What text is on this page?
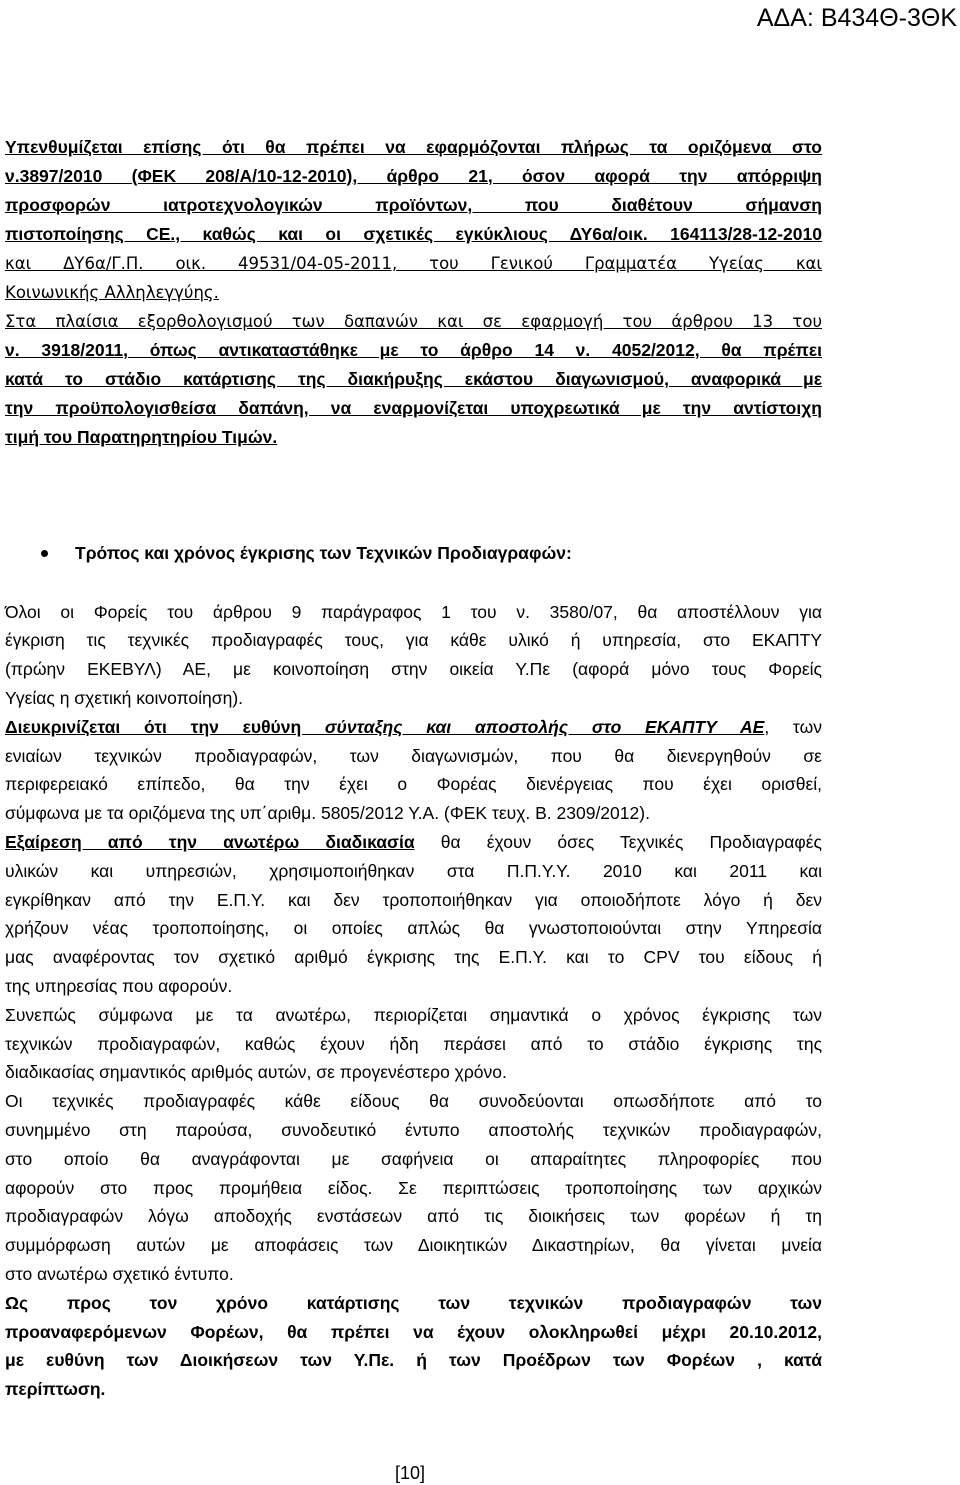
ΑΔΑ: Β434Θ-3ΘΚ
Υπενθυμίζεται επίσης ότι θα πρέπει να εφαρμόζονται πλήρως τα οριζόμενα στο
ν.3897/2010 (ΦΕΚ 208/Α/10-12-2010), άρθρο 21, όσον αφορά την απόρριψη
προσφορών ιατροτεχνολογικών προϊόντων, που διαθέτουν σήμανση
πιστοποίησης CE., καθώς και οι σχετικές εγκύκλιους ΔΥ6α/οικ. 164113/28-12-2010
και ΔΥ6α/Γ.Π. οικ. 49531/04-05-2011, του Γενικού Γραμματέα Υγείας και
Κοινωνικής Αλληλεγγύης.
Στα πλαίσια εξορθολογισμού των δαπανών και σε εφαρμογή του άρθρου 13 του
ν. 3918/2011, όπως αντικαταστάθηκε με το άρθρο 14 ν. 4052/2012, θα πρέπει
κατά το στάδιο κατάρτισης της διακήρυξης εκάστου διαγωνισμού, αναφορικά με
την προϋπολογισθείσα δαπάνη, να εναρμονίζεται υποχρεωτικά με την αντίστοιχη
τιμή του Παρατηρητηρίου Τιμών.
Τρόπος και χρόνος έγκρισης των Τεχνικών Προδιαγραφών:
Όλοι οι Φορείς του άρθρου 9 παράγραφος 1 του ν. 3580/07, θα αποστέλλουν για
έγκριση τις τεχνικές προδιαγραφές τους, για κάθε υλικό ή υπηρεσία, στο ΕΚΑΠΤΥ
(πρώην ΕΚΕΒΥΛ) ΑΕ, με κοινοποίηση στην οικεία Υ.Πε (αφορά μόνο τους Φορείς
Υγείας η σχετική κοινοποίηση).
Διευκρινίζεται ότι την ευθύνη σύνταξης και αποστολής στο ΕΚΑΠΤΥ ΑΕ, των
ενιαίων τεχνικών προδιαγραφών, των διαγωνισμών, που θα διενεργηθούν σε
περιφερειακό επίπεδο, θα την έχει ο Φορέας διενέργειας που έχει ορισθεί,
σύμφωνα με τα οριζόμενα της υπ΄αριθμ. 5805/2012 Υ.Α. (ΦΕΚ τευχ. Β. 2309/2012).
Εξαίρεση από την ανωτέρω διαδικασία θα έχουν όσες Τεχνικές Προδιαγραφές
υλικών και υπηρεσιών, χρησιμοποιήθηκαν στα Π.Π.Υ.Υ. 2010 και 2011 και
εγκρίθηκαν από την Ε.Π.Υ. και δεν τροποποιήθηκαν για οποιοδήποτε λόγο ή δεν
χρήζουν νέας τροποποίησης, οι οποίες απλώς θα γνωστοποιούνται στην Υπηρεσία
μας αναφέροντας τον σχετικό αριθμό έγκρισης της Ε.Π.Υ. και το CPV του είδους ή
της υπηρεσίας που αφορούν.
Συνεπώς σύμφωνα με τα ανωτέρω, περιορίζεται σημαντικά ο χρόνος έγκρισης των
τεχνικών προδιαγραφών, καθώς έχουν ήδη περάσει από το στάδιο έγκρισης της
διαδικασίας σημαντικός αριθμός αυτών, σε προγενέστερο χρόνο.
Οι τεχνικές προδιαγραφές κάθε είδους θα συνοδεύονται οπωσδήποτε από το
συνημμένο στη παρούσα, συνοδευτικό έντυπο αποστολής τεχνικών προδιαγραφών,
στο οποίο θα αναγράφονται με σαφήνεια οι απαραίτητες πληροφορίες που
αφορούν στο προς προμήθεια είδος. Σε περιπτώσεις τροποποίησης των αρχικών
προδιαγραφών λόγω αποδοχής ενστάσεων από τις διοικήσεις των φορέων ή τη
συμμόρφωση αυτών με αποφάσεις των Διοικητικών Δικαστηρίων, θα γίνεται μνεία
στο ανωτέρω σχετικό έντυπο.
Ως προς τον χρόνο κατάρτισης των τεχνικών προδιαγραφών των
προαναφερόμενων Φορέων, θα πρέπει να έχουν ολοκληρωθεί μέχρι 20.10.2012,
με ευθύνη των Διοικήσεων των Υ.Πε. ή των Προέδρων των Φορέων , κατά
περίπτωση.
[10]
